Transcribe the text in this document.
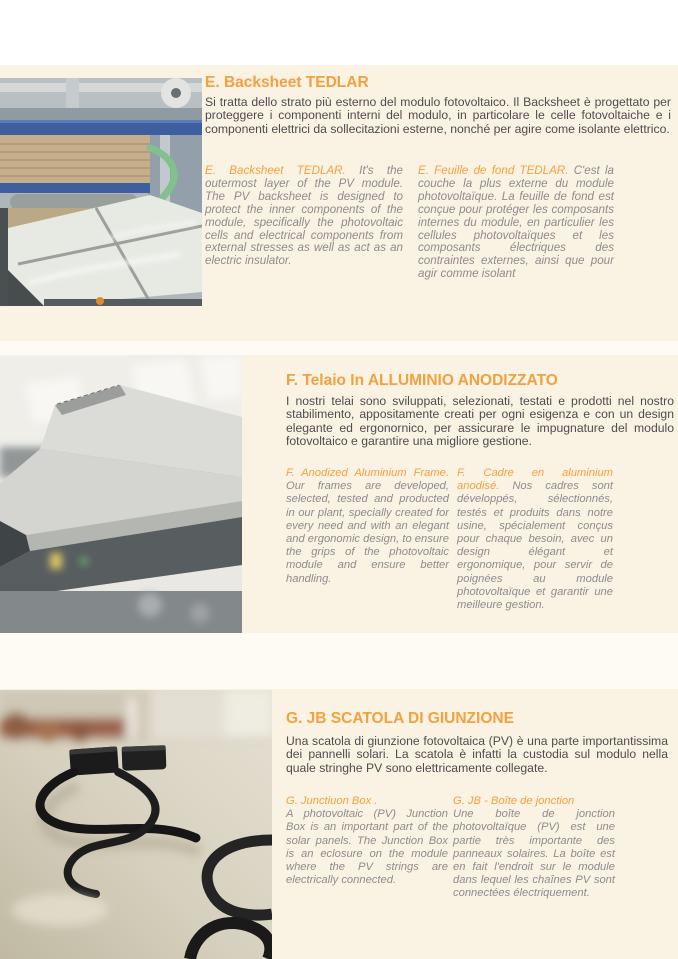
E. Backsheet TEDLAR

Si tratta dello strato più esterno del modulo fotovoltaico. Il Backsheet è progettato per proteggere i componenti interni del modulo, in particolare le celle fotovoltaiche e i componenti elettrici da sollecitazioni esterne, nonché per agire come isolante elettrico.

E. Backsheet TEDLAR. It's the outermost layer of the PV module. The PV backsheet is designed to protect the inner components of the module, specifically the photovoltaic cells and electrical components from external stresses as well as act as an electric insulator.

E. Feuille de fond TEDLAR. C'est la couche la plus externe du module photovoltaïque. La feuille de fond est conçue pour protéger les composants internes du module, en particulier les cellules photovoltaïques et les composants électriques des contraintes externes, ainsi que pour agir comme isolant

F. Telaio In ALLUMINIO ANODIZZATO

I nostri telai sono sviluppati, selezionati, testati e prodotti nel nostro stabilimento, appositamente creati per ogni esigenza e con un design elegante ed ergonornico, per assicurare le impugnature del modulo fotovoltaico e garantire una migliore gestione.

F. Anodized Aluminium Frame. Our frames are developed, selected, tested and producted in our plant, specially created for every need and with an elegant and ergonomic design, to ensure the grips of the photovoltaic module and ensure better handling.

F. Cadre en aluminium anodisé. Nos cadres sont développés, sélectionnés, testés et produits dans notre usine, spécialement conçus pour chaque besoin, avec un design élégant et ergonomique, pour servir de poignées au module photovoltaïque et garantir une meilleure gestion.

G. JB SCATOLA DI GIUNZIONE

Una scatola di giunzione fotovoltaica (PV) è una parte importantissima dei pannelli solari. La scatola è infatti la custodia sul modulo nella quale stringhe PV sono elettricamente collegate.

G. Junctiuon Box .
A photovoltaic (PV) Junction Box is an important part of the solar panels. The Junction Box is an eclosure on the module where the PV strings are electrically connected.

G. JB - Boîte de jonction
Une boîte de jonction photovoltaïque (PV) est une partie très importante des panneaux solaires. La boîte est en fait l'endroit sur le module dans lequel les chaînes PV sont connectées électriquement.
